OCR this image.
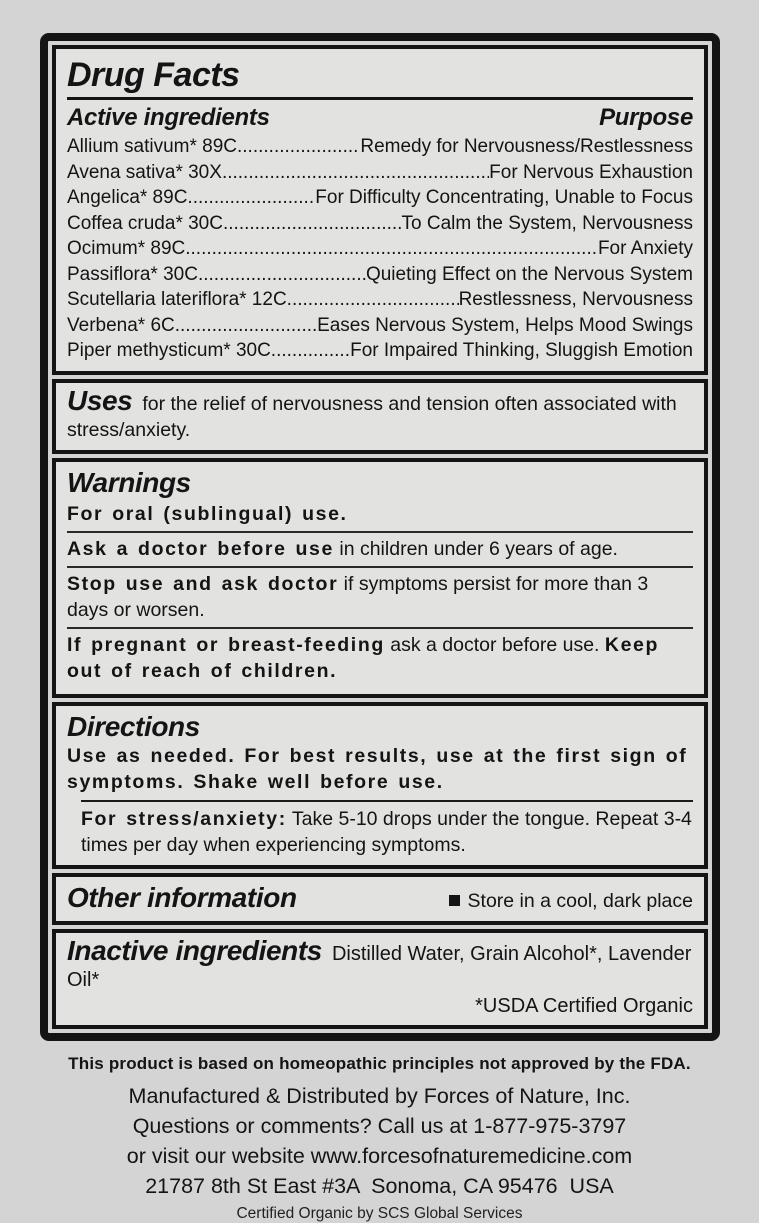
Drug Facts
Active ingredients	Purpose
Allium sativum* 89C .....	Remedy for Nervousness/Restlessness
Avena sativa* 30X .....	For Nervous Exhaustion
Angelica* 89C .....	For Difficulty Concentrating, Unable to Focus
Coffea cruda* 30C .....	To Calm the System, Nervousness
Ocimum* 89C .....	For Anxiety
Passiflora* 30C .....	Quieting Effect on the Nervous System
Scutellaria lateriflora* 12C .....	Restlessness, Nervousness
Verbena* 6C .....	Eases Nervous System, Helps Mood Swings
Piper methysticum* 30C .....	For Impaired Thinking, Sluggish Emotion

Uses for the relief of nervousness and tension often associated with stress/anxiety.

Warnings

For oral (sublingual) use.

Ask a doctor before use in children under 6 years of age.

Stop use and ask doctor if symptoms persist for more than 3 days or worsen.

If pregnant or breast-feeding ask a doctor before use. Keep out of reach of children.

Directions

Use as needed. For best results, use at the first sign of symptoms. Shake well before use.

For stress/anxiety: Take 5-10 drops under the tongue. Repeat 3-4 times per day when experiencing symptoms.

Other information	Store in a cool, dark place

Inactive ingredients Distilled Water, Grain Alcohol*, Lavender Oil*

*USDA Certified Organic

This product is based on homeopathic principles not approved by the FDA.

Manufactured & Distributed by Forces of Nature, Inc.

Questions or comments? Call us at 1-877-975-3797

or visit our website www.forcesofnaturemedicine.com

21787 8th St East #3A  Sonoma, CA 95476  USA

Certified Organic by SCS Global Services
